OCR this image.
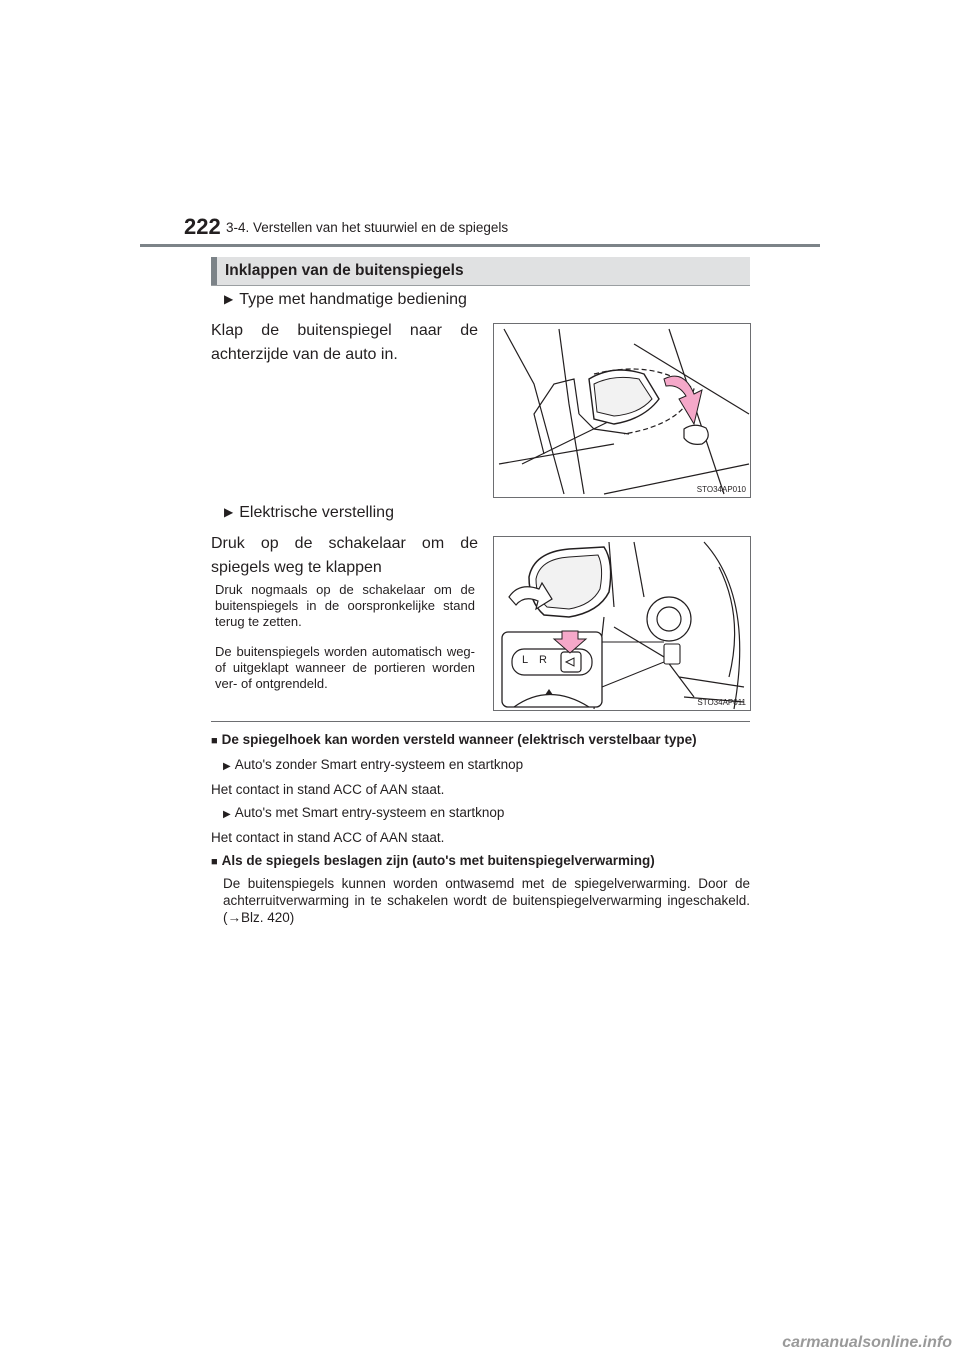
222 3-4. Verstellen van het stuurwiel en de spiegels
Inklappen van de buitenspiegels
▶ Type met handmatige bediening
Klap de buitenspiegel naar de achterzijde van de auto in.
STO34AP010
▶ Elektrische verstelling
Druk op de schakelaar om de spiegels weg te klappen
Druk nogmaals op de schakelaar om de buitenspiegels in de oorspronkelijke stand terug te zetten.
De buitenspiegels worden automatisch weg- of uitgeklapt wanneer de portieren worden ver- of ontgrendeld.
L R
STO34AP011
■ De spiegelhoek kan worden versteld wanneer (elektrisch verstelbaar type)
▶ Auto's zonder Smart entry-systeem en startknop
Het contact in stand ACC of AAN staat.
▶ Auto's met Smart entry-systeem en startknop
Het contact in stand ACC of AAN staat.
■ Als de spiegels beslagen zijn (auto's met buitenspiegelverwarming)
De buitenspiegels kunnen worden ontwasemd met de spiegelverwarming. Door de achterruitverwarming in te schakelen wordt de buitenspiegelverwarming ingeschakeld. (→Blz. 420)
carmanualsonline.info
